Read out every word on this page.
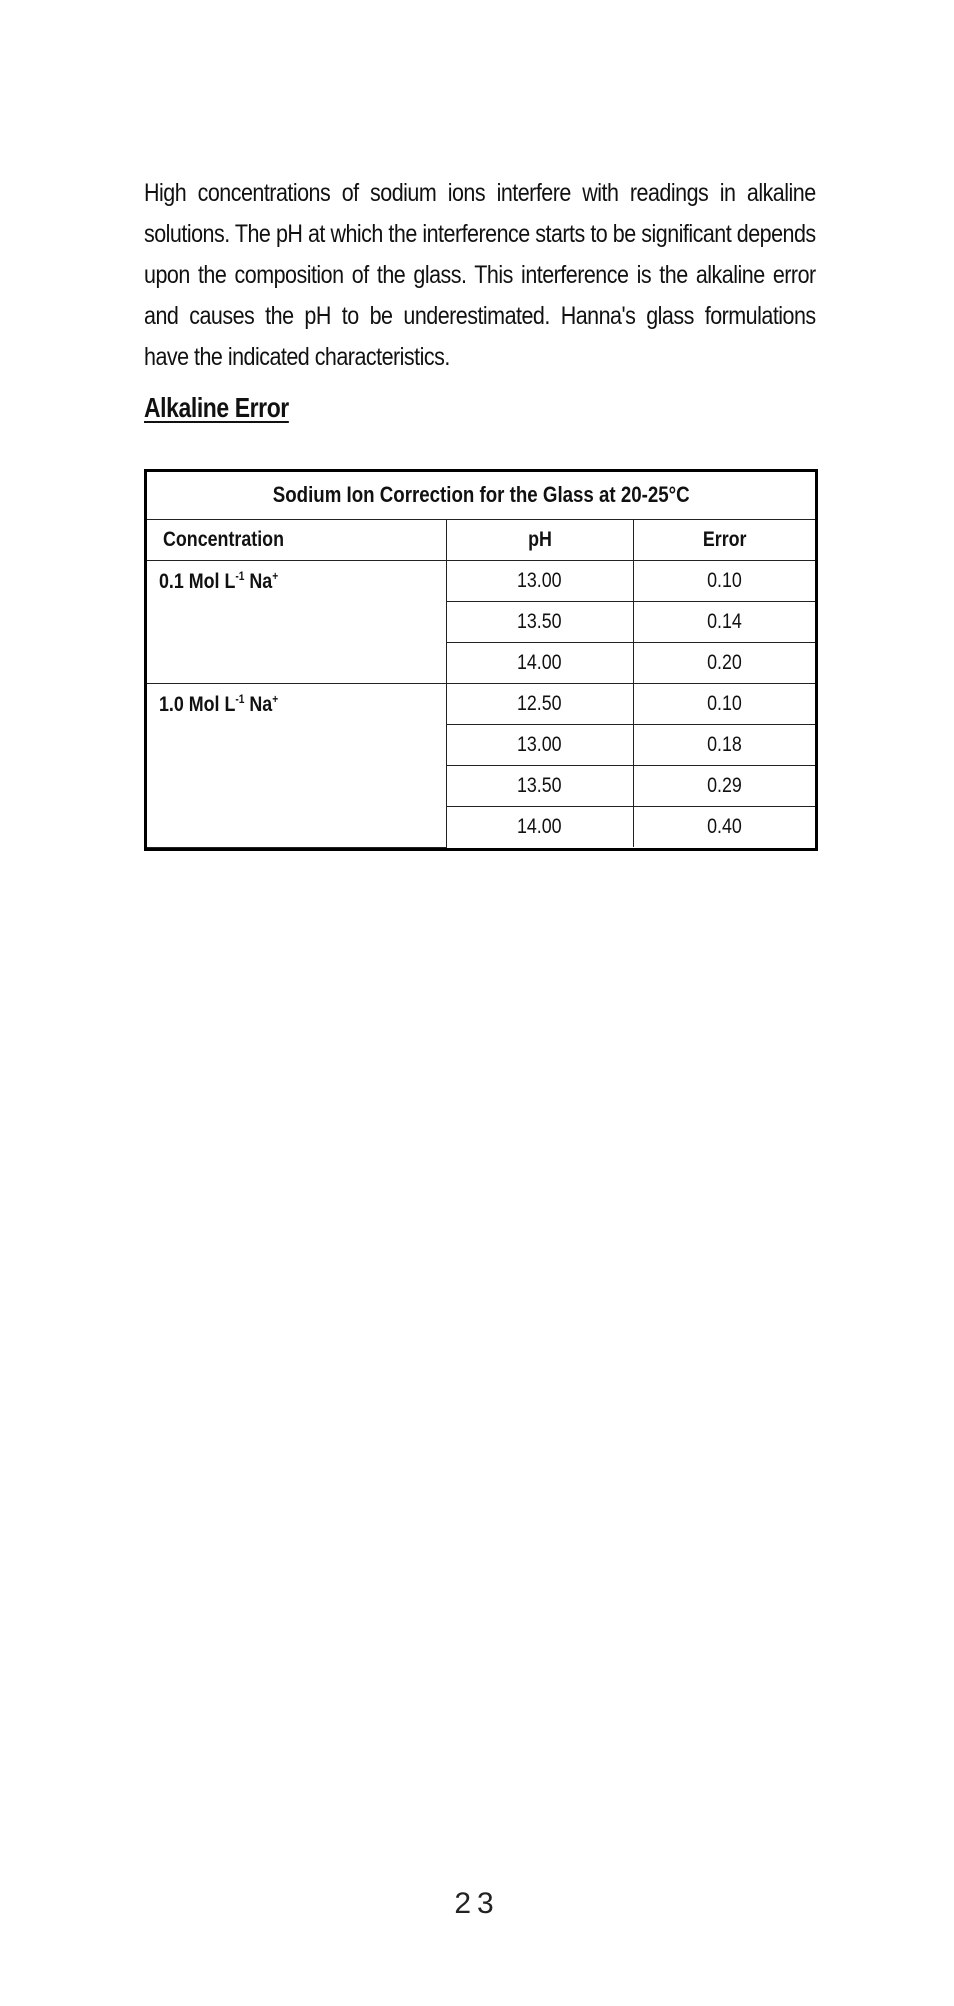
High concentrations of sodium ions interfere with readings in alkaline solutions. The pH at which the interference starts to be significant depends upon the composition of the glass. This interference is the alkaline error and causes the pH to be underestimated. Hanna's glass formulations have the indicated characteristics.

Alkaline Error
Sodium Ion Correction for the Glass at 20-25°C		
Concentration	pH	Error
0.1 Mol $L^{-1}$ Na+	13.00	0.10
	13.50	0.14
	14.00	0.20
1.0 Mol $L^{-1}$ Na+	12.50	0.10
	13.00	0.18
	13.50	0.29
	14.00	0.40
23
